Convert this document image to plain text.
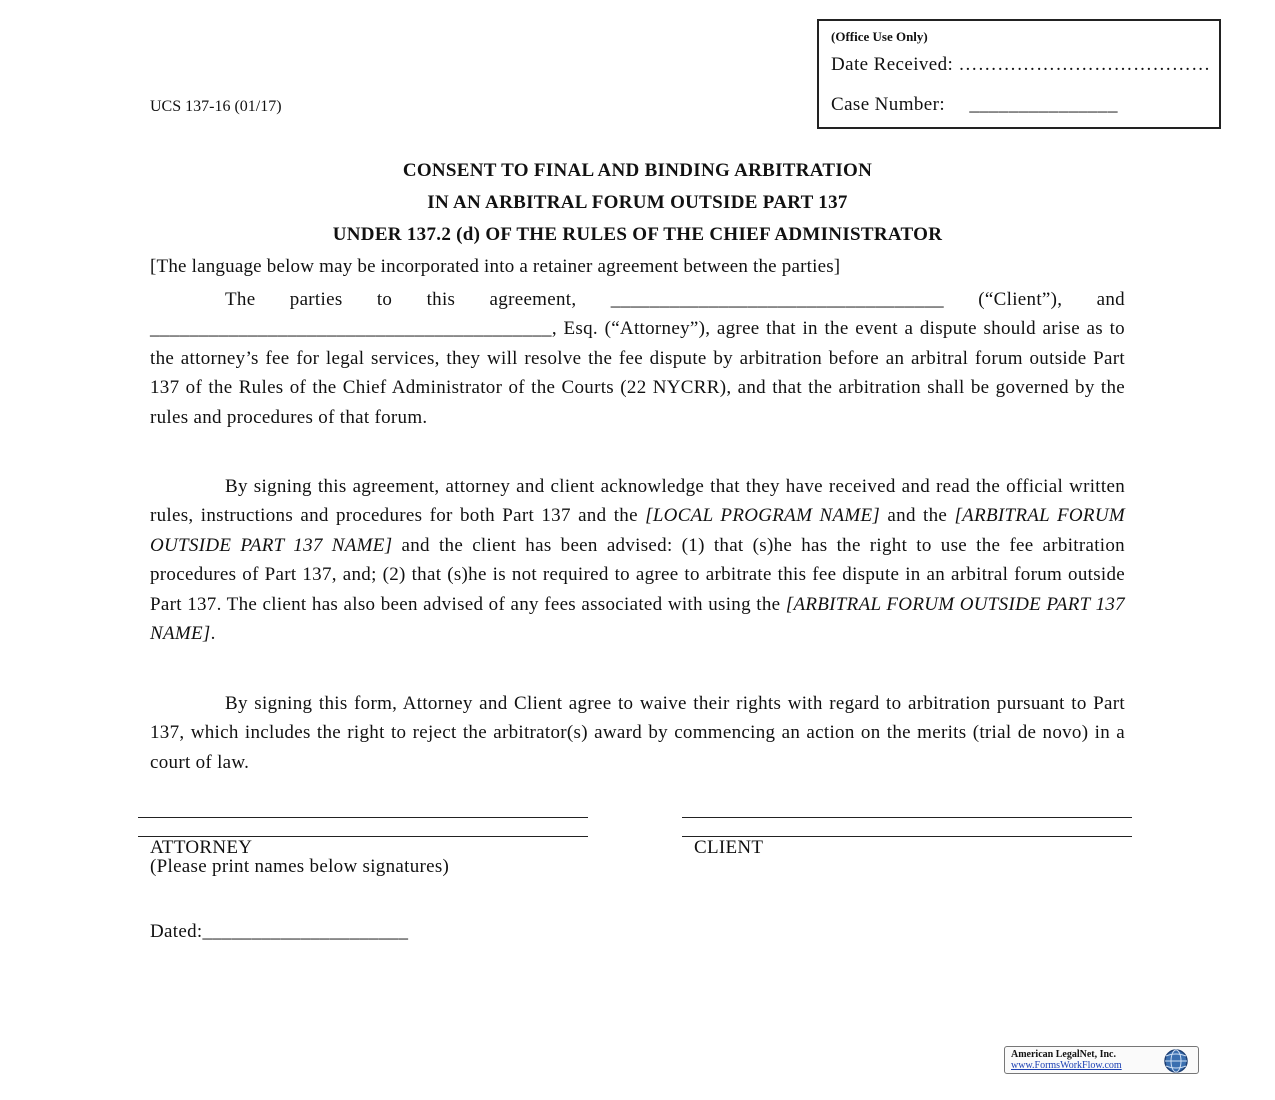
(Office Use Only)
Date Received: …………………………………
Case Number: _______________
UCS 137-16 (01/17)
CONSENT TO FINAL AND BINDING ARBITRATION
IN AN ARBITRAL FORUM OUTSIDE PART 137
UNDER 137.2 (d) OF THE RULES OF THE CHIEF ADMINISTRATOR
[The language below may be incorporated into a retainer agreement between the parties]
The parties to this agreement, __________________________________ (“Client”), and _________________________________________, Esq. (“Attorney”), agree that in the event a dispute should arise as to the attorney’s fee for legal services, they will resolve the fee dispute by arbitration before an arbitral forum outside Part 137 of the Rules of the Chief Administrator of the Courts (22 NYCRR), and that the arbitration shall be governed by the rules and procedures of that forum.
By signing this agreement, attorney and client acknowledge that they have received and read the official written rules, instructions and procedures for both Part 137 and the [LOCAL PROGRAM NAME] and the [ARBITRAL FORUM OUTSIDE PART 137 NAME] and the client has been advised: (1) that (s)he has the right to use the fee arbitration procedures of Part 137, and; (2) that (s)he is not required to agree to arbitrate this fee dispute in an arbitral forum outside Part 137. The client has also been advised of any fees associated with using the [ARBITRAL FORUM OUTSIDE PART 137 NAME].
By signing this form, Attorney and Client agree to waive their rights with regard to arbitration pursuant to Part 137, which includes the right to reject the arbitrator(s) award by commencing an action on the merits (trial de novo) in a court of law.
ATTORNEY
(Please print names below signatures)
CLIENT
Dated:_____________________
American LegalNet, Inc.
www.FormsWorkFlow.com
